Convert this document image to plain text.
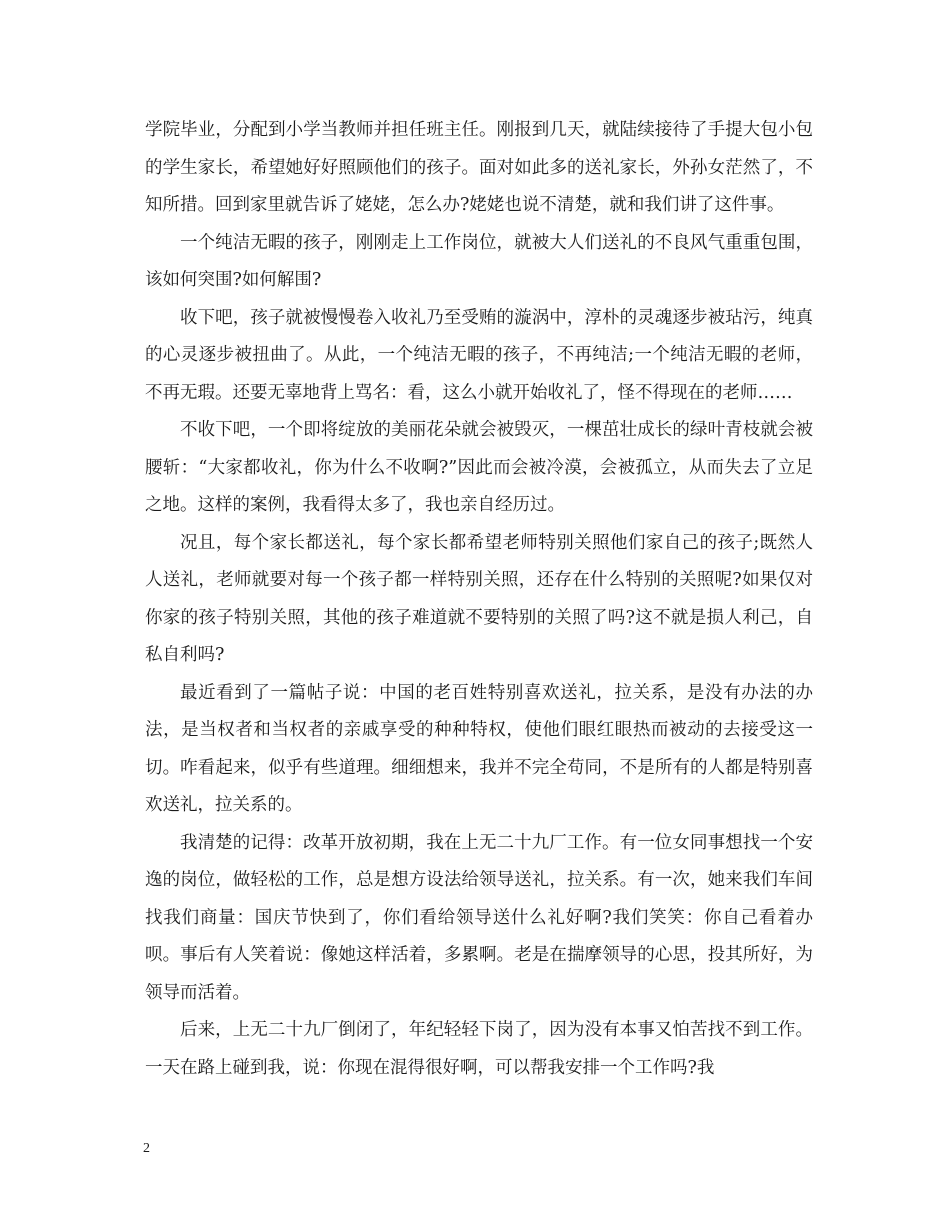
学院毕业，分配到小学当教师并担任班主任。刚报到几天，就陆续接待了手提大包小包的学生家长，希望她好好照顾他们的孩子。面对如此多的送礼家长，外孙女茫然了，不知所措。回到家里就告诉了姥姥，怎么办?姥姥也说不清楚，就和我们讲了这件事。

一个纯洁无暇的孩子，刚刚走上工作岗位，就被大人们送礼的不良风气重重包围，该如何突围?如何解围?

收下吧，孩子就被慢慢卷入收礼乃至受贿的漩涡中，淳朴的灵魂逐步被玷污，纯真的心灵逐步被扭曲了。从此，一个纯洁无暇的孩子，不再纯洁;一个纯洁无暇的老师，不再无瑕。还要无辜地背上骂名：看，这么小就开始收礼了，怪不得现在的老师……

不收下吧，一个即将绽放的美丽花朵就会被毁灭，一棵茁壮成长的绿叶青枝就会被腰斩：“大家都收礼，你为什么不收啊?”因此而会被冷漠，会被孤立，从而失去了立足之地。这样的案例，我看得太多了，我也亲自经历过。

况且，每个家长都送礼，每个家长都希望老师特别关照他们家自己的孩子;既然人人送礼，老师就要对每一个孩子都一样特别关照，还存在什么特别的关照呢?如果仅对你家的孩子特别关照，其他的孩子难道就不要特别的关照了吗?这不就是损人利己，自私自利吗?

最近看到了一篇帖子说：中国的老百姓特别喜欢送礼，拉关系，是没有办法的办法，是当权者和当权者的亲戚享受的种种特权，使他们眼红眼热而被动的去接受这一切。咋看起来，似乎有些道理。细细想来，我并不完全苟同，不是所有的人都是特别喜欢送礼，拉关系的。

我清楚的记得：改革开放初期，我在上无二十九厂工作。有一位女同事想找一个安逸的岗位，做轻松的工作，总是想方设法给领导送礼，拉关系。有一次，她来我们车间找我们商量：国庆节快到了，你们看给领导送什么礼好啊?我们笑笑：你自己看着办呗。事后有人笑着说：像她这样活着，多累啊。老是在揣摩领导的心思，投其所好，为领导而活着。

后来，上无二十九厂倒闭了，年纪轻轻下岗了，因为没有本事又怕苦找不到工作。一天在路上碰到我，说：你现在混得很好啊，可以帮我安排一个工作吗?我

2
